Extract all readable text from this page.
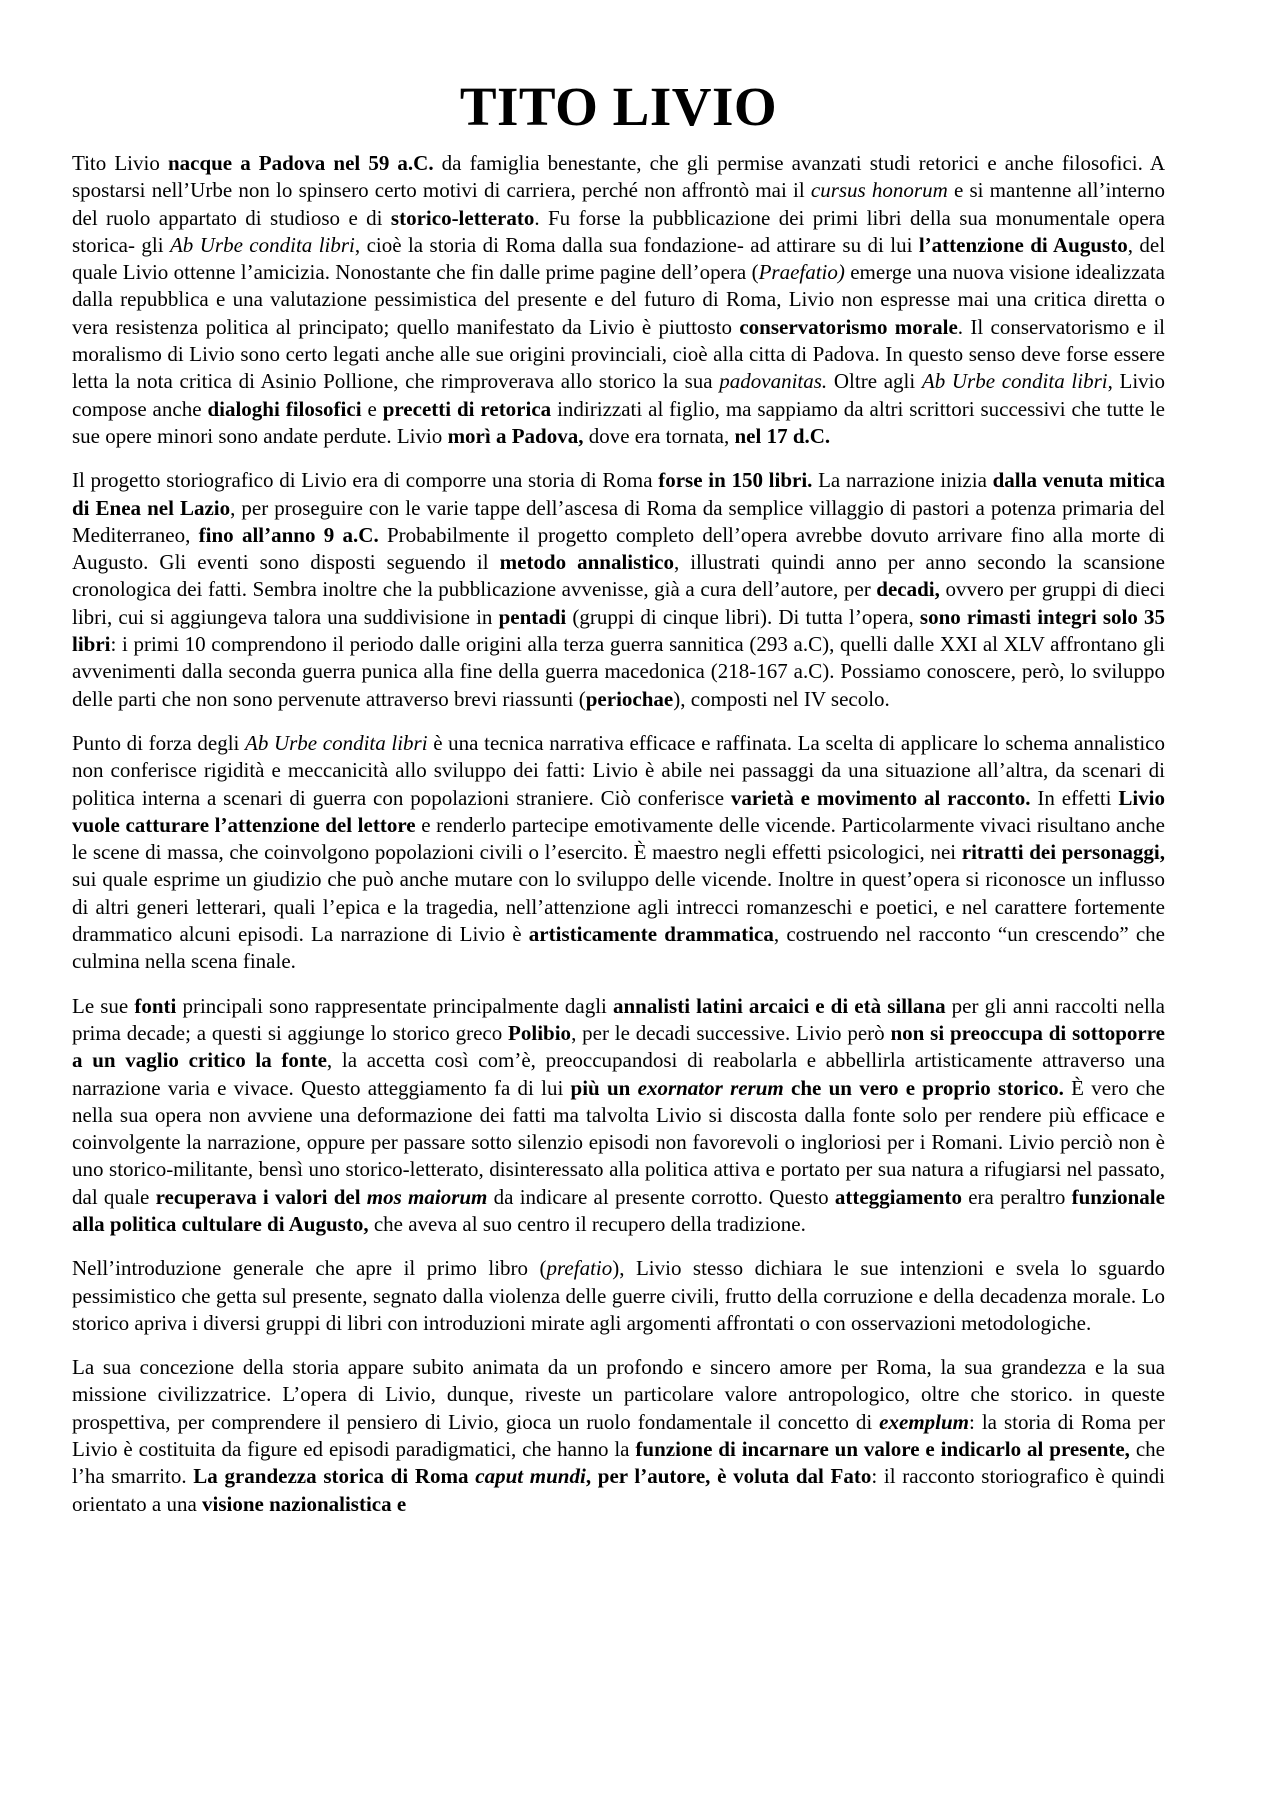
TITO LIVIO

Tito Livio nacque a Padova nel 59 a.C. da famiglia benestante, che gli permise avanzati studi retorici e anche filosofici. A spostarsi nell’Urbe non lo spinsero certo motivi di carriera, perché non affrontò mai il cursus honorum e si mantenne all’interno del ruolo appartato di studioso e di storico-letterato. Fu forse la pubblicazione dei primi libri della sua monumentale opera storica- gli Ab Urbe condita libri, cioè la storia di Roma dalla sua fondazione- ad attirare su di lui l’attenzione di Augusto, del quale Livio ottenne l’amicizia. Nonostante che fin dalle prime pagine dell’opera (Praefatio) emerge una nuova visione idealizzata dalla repubblica e una valutazione pessimistica del presente e del futuro di Roma, Livio non espresse mai una critica diretta o vera resistenza politica al principato; quello manifestato da Livio è piuttosto conservatorismo morale. Il conservatorismo e il moralismo di Livio sono certo legati anche alle sue origini provinciali, cioè alla citta di Padova. In questo senso deve forse essere letta la nota critica di Asinio Pollione, che rimproverava allo storico la sua padovanitas. Oltre agli Ab Urbe condita libri, Livio compose anche dialoghi filosofici e precetti di retorica indirizzati al figlio, ma sappiamo da altri scrittori successivi che tutte le sue opere minori sono andate perdute. Livio morì a Padova, dove era tornata, nel 17 d.C.

Il progetto storiografico di Livio era di comporre una storia di Roma forse in 150 libri. La narrazione inizia dalla venuta mitica di Enea nel Lazio, per proseguire con le varie tappe dell’ascesa di Roma da semplice villaggio di pastori a potenza primaria del Mediterraneo, fino all’anno 9 a.C. Probabilmente il progetto completo dell’opera avrebbe dovuto arrivare fino alla morte di Augusto. Gli eventi sono disposti seguendo il metodo annalistico, illustrati quindi anno per anno secondo la scansione cronologica dei fatti. Sembra inoltre che la pubblicazione avvenisse, già a cura dell’autore, per decadi, ovvero per gruppi di dieci libri, cui si aggiungeva talora una suddivisione in pentadi (gruppi di cinque libri). Di tutta l’opera, sono rimasti integri solo 35 libri: i primi 10 comprendono il periodo dalle origini alla terza guerra sannitica (293 a.C), quelli dalle XXI al XLV affrontano gli avvenimenti dalla seconda guerra punica alla fine della guerra macedonica (218-167 a.C). Possiamo conoscere, però, lo sviluppo delle parti che non sono pervenute attraverso brevi riassunti (periochae), composti nel IV secolo.

Punto di forza degli Ab Urbe condita libri è una tecnica narrativa efficace e raffinata. La scelta di applicare lo schema annalistico non conferisce rigidità e meccanicità allo sviluppo dei fatti: Livio è abile nei passaggi da una situazione all’altra, da scenari di politica interna a scenari di guerra con popolazioni straniere. Ciò conferisce varietà e movimento al racconto. In effetti Livio vuole catturare l’attenzione del lettore e renderlo partecipe emotivamente delle vicende. Particolarmente vivaci risultano anche le scene di massa, che coinvolgono popolazioni civili o l’esercito. È maestro negli effetti psicologici, nei ritratti dei personaggi, sui quale esprime un giudizio che può anche mutare con lo sviluppo delle vicende. Inoltre in quest’opera si riconosce un influsso di altri generi letterari, quali l’epica e la tragedia, nell’attenzione agli intrecci romanzeschi e poetici, e nel carattere fortemente drammatico alcuni episodi. La narrazione di Livio è artisticamente drammatica, costruendo nel racconto “un crescendo” che culmina nella scena finale.

Le sue fonti principali sono rappresentate principalmente dagli annalisti latini arcaici e di età sillana per gli anni raccolti nella prima decade; a questi si aggiunge lo storico greco Polibio, per le decadi successive. Livio però non si preoccupa di sottoporre a un vaglio critico la fonte, la accetta così com’è, preoccupandosi di reabolarla e abbellirla artisticamente attraverso una narrazione varia e vivace. Questo atteggiamento fa di lui più un exornator rerum che un vero e proprio storico. È vero che nella sua opera non avviene una deformazione dei fatti ma talvolta Livio si discosta dalla fonte solo per rendere più efficace e coinvolgente la narrazione, oppure per passare sotto silenzio episodi non favorevoli o ingloriosi per i Romani. Livio perciò non è uno storico-militante, bensì uno storico-letterato, disinteressato alla politica attiva e portato per sua natura a rifugiarsi nel passato, dal quale recuperava i valori del mos maiorum da indicare al presente corrotto. Questo atteggiamento era peraltro funzionale alla politica cultulare di Augusto, che aveva al suo centro il recupero della tradizione.

Nell’introduzione generale che apre il primo libro (prefatio), Livio stesso dichiara le sue intenzioni e svela lo sguardo pessimistico che getta sul presente, segnato dalla violenza delle guerre civili, frutto della corruzione e della decadenza morale. Lo storico apriva i diversi gruppi di libri con introduzioni mirate agli argomenti affrontati o con osservazioni metodologiche.

La sua concezione della storia appare subito animata da un profondo e sincero amore per Roma, la sua grandezza e la sua missione civilizzatrice. L’opera di Livio, dunque, riveste un particolare valore antropologico, oltre che storico. in queste prospettiva, per comprendere il pensiero di Livio, gioca un ruolo fondamentale il concetto di exemplum: la storia di Roma per Livio è costituita da figure ed episodi paradigmatici, che hanno la funzione di incarnare un valore e indicarlo al presente, che l’ha smarrito. La grandezza storica di Roma caput mundi, per l’autore, è voluta dal Fato: il racconto storiografico è quindi orientato a una visione nazionalistica e
